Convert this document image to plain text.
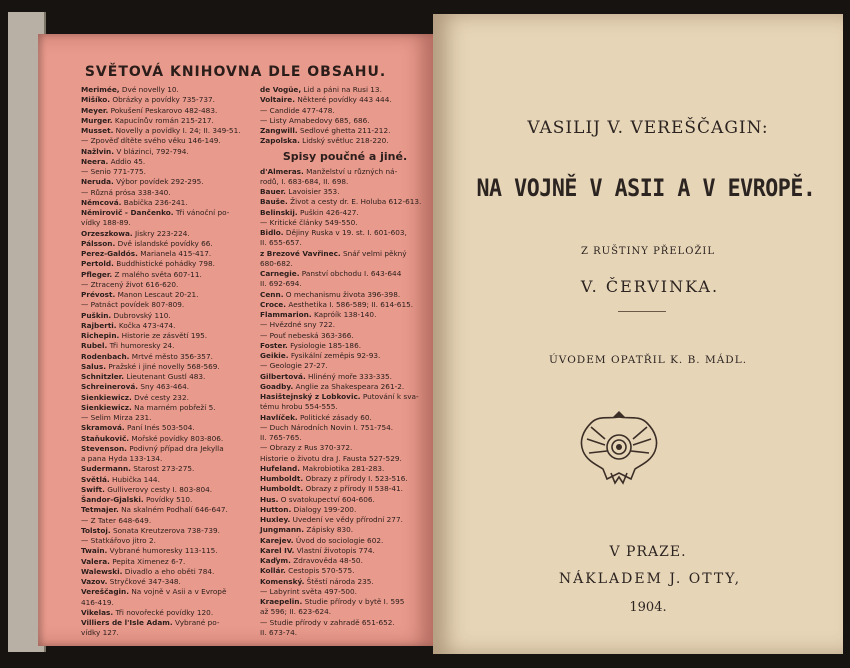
SVĚTOVÁ KNIHOVNA DLE OBSAHU.
Merimée, Dvé novelly 10.
Mišíko. Obrázky a povídky 735-737.
Meyer. Pokušení Peskarovo 482-483.
Murger. Kapucínův román 215-217.
Musset. Novelly a povídky I. 24; II. 349-51.
— Zpověď dítěte svého věku 146-149.
Nažlvin. V blázinci, 792-794.
Neera. Addio 45.
— Senio 771-775.
Neruda. Výbor povídek 292-295.
— Různá prósa 338-340.
Němcová. Babička 236-241.
Němirovič - Dančenko. Tři vánoční po-
vídky 188-89.
Orzeszkowa. Jiskry 223-224.
Pálsson. Dvě islandské povídky 66.
Perez-Galdós. Marianela 415-417.
Pertold. Buddhistické pohádky 798.
Pfleger. Z malého světa 607-11.
— Ztracený život 616-620.
Prévost. Manon Lescaut 20-21.
— Patnáct povídek 807-809.
Puškin. Dubrovský 110.
Rajberti. Kočka 473-474.
Richepin. Historie ze zásvětí 195.
Rubel. Tři humoresky 24.
Rodenbach. Mrtvé město 356-357.
Salus. Pražské i jiné novelly 568-569.
Schnitzler. Lieutenant Gustl 483.
Schreinerová. Sny 463-464.
Sienkiewicz. Dvé cesty 232.
Sienkiewicz. Na marném pobřeží 5.
— Selim Mirza 231.
Skramová. Paní Inés 503-504.
Staňukovič. Mořské povídky 803-806.
Stevenson. Podivný případ dra Jekylla
a pana Hyda 133-134.
Sudermann. Starost 273-275.
Světlá. Hubička 144.
Swift. Gulliverovy cesty I. 803-804.
Šandor-Gjalski. Povídky 510.
Tetmajer. Na skalném Podhalí 646-647.
— Z Tater 648-649.
Tolstoj. Sonata Kreutzerova 738-739.
— Statkářovo jitro 2.
Twain. Vybrané humoresky 113-115.
Valera. Pepita Ximenez 6-7.
Walewski. Divadlo a eho oběti 784.
Vazov. Stryčkové 347-348.
Vereščagin. Na vojně v Asii a v Evropě
416-419.
Vikelas. Tři novořecké povídky 120.
Villiers de l'Isle Adam. Vybrané po-
vídky 127.
de Vogüe, Lid a páni na Rusi 13.
Voltaire. Některé povídky 443 444.
— Candide 477-478.
— Listy Amabedovy 685, 686.
Zangwill. Sedlové ghetta 211-212.
Zapolska. Lidský světluc 218-220.
Spisy poučné a jiné.
d'Almeras. Manželství u různých ná-
rodů, I. 683-684, II. 698.
Bauer. Lavoisier 353.
Bauše. Život a cesty dr. E. Holuba 612-613.
Belinskij. Puškin 426-427.
— Kritické články 549-550.
Bidlo. Dějiny Ruska v 19. st. I. 601-603,
II. 655-657.
z Brezové Vavřinec. Snář velmi pěkný
680-682.
Carnegie. Panství obchodu I. 643-644
II. 692-694.
Cenn. O mechanismu života 396-398.
Croce. Aesthetika I. 586-589; II. 614-615.
Flammarion. Kapróík 138-140.
— Hvězdné sny 722.
— Pouť nebeská 363-366.
Foster. Fysiologie 185-186.
Geikie. Fysikální zeměpis 92-93.
— Geologie 27-27.
Gilbertová. Hlinéný moře 333-335.
Goadby. Anglie za Shakespeara 261-2.
Hasištejnský z Lobkovic. Putování k sva-
tému hrobu 554-555.
Havlíček. Politické zásady 60.
— Duch Národních Novin I. 751-754.
II. 765-765.
— Obrazy z Rus 370-372.
Historie o životu dra J. Fausta 527-529.
Hufeland. Makrobiotika 281-283.
Humboldt. Obrazy z přírody I. 523-516.
Humboldt. Obrazy z přírody II 538-41.
Hus. O svatokupectví 604-606.
Hutton. Dialogy 199-200.
Huxley. Uvedení ve vědy přírodní 277.
Jungmann. Zápisky 830.
Karejev. Úvod do sociologie 602.
Karel IV. Vlastní životopis 774.
Kaďym. Zdravověda 48-50.
Kollár. Cestopis 570-575.
Komenský. Štěstí národa 235.
— Labyrint světa 497-500.
Kraepelin. Studie přírody v bytě I. 595
až 596; II. 623-624.
— Studie přírody v zahradě 651-652.
II. 673-74.
VASILIJ V. VEREŠČAGIN:
NA VOJNĚ V ASII A V EVROPĚ.
Z RUŠTINY PŘELOŽIL
V. ČERVINKA.
ÚVODEM OPATŘIL K. B. MÁDL.
V PRAZE.
NÁKLADEM J. OTTY,
1904.
